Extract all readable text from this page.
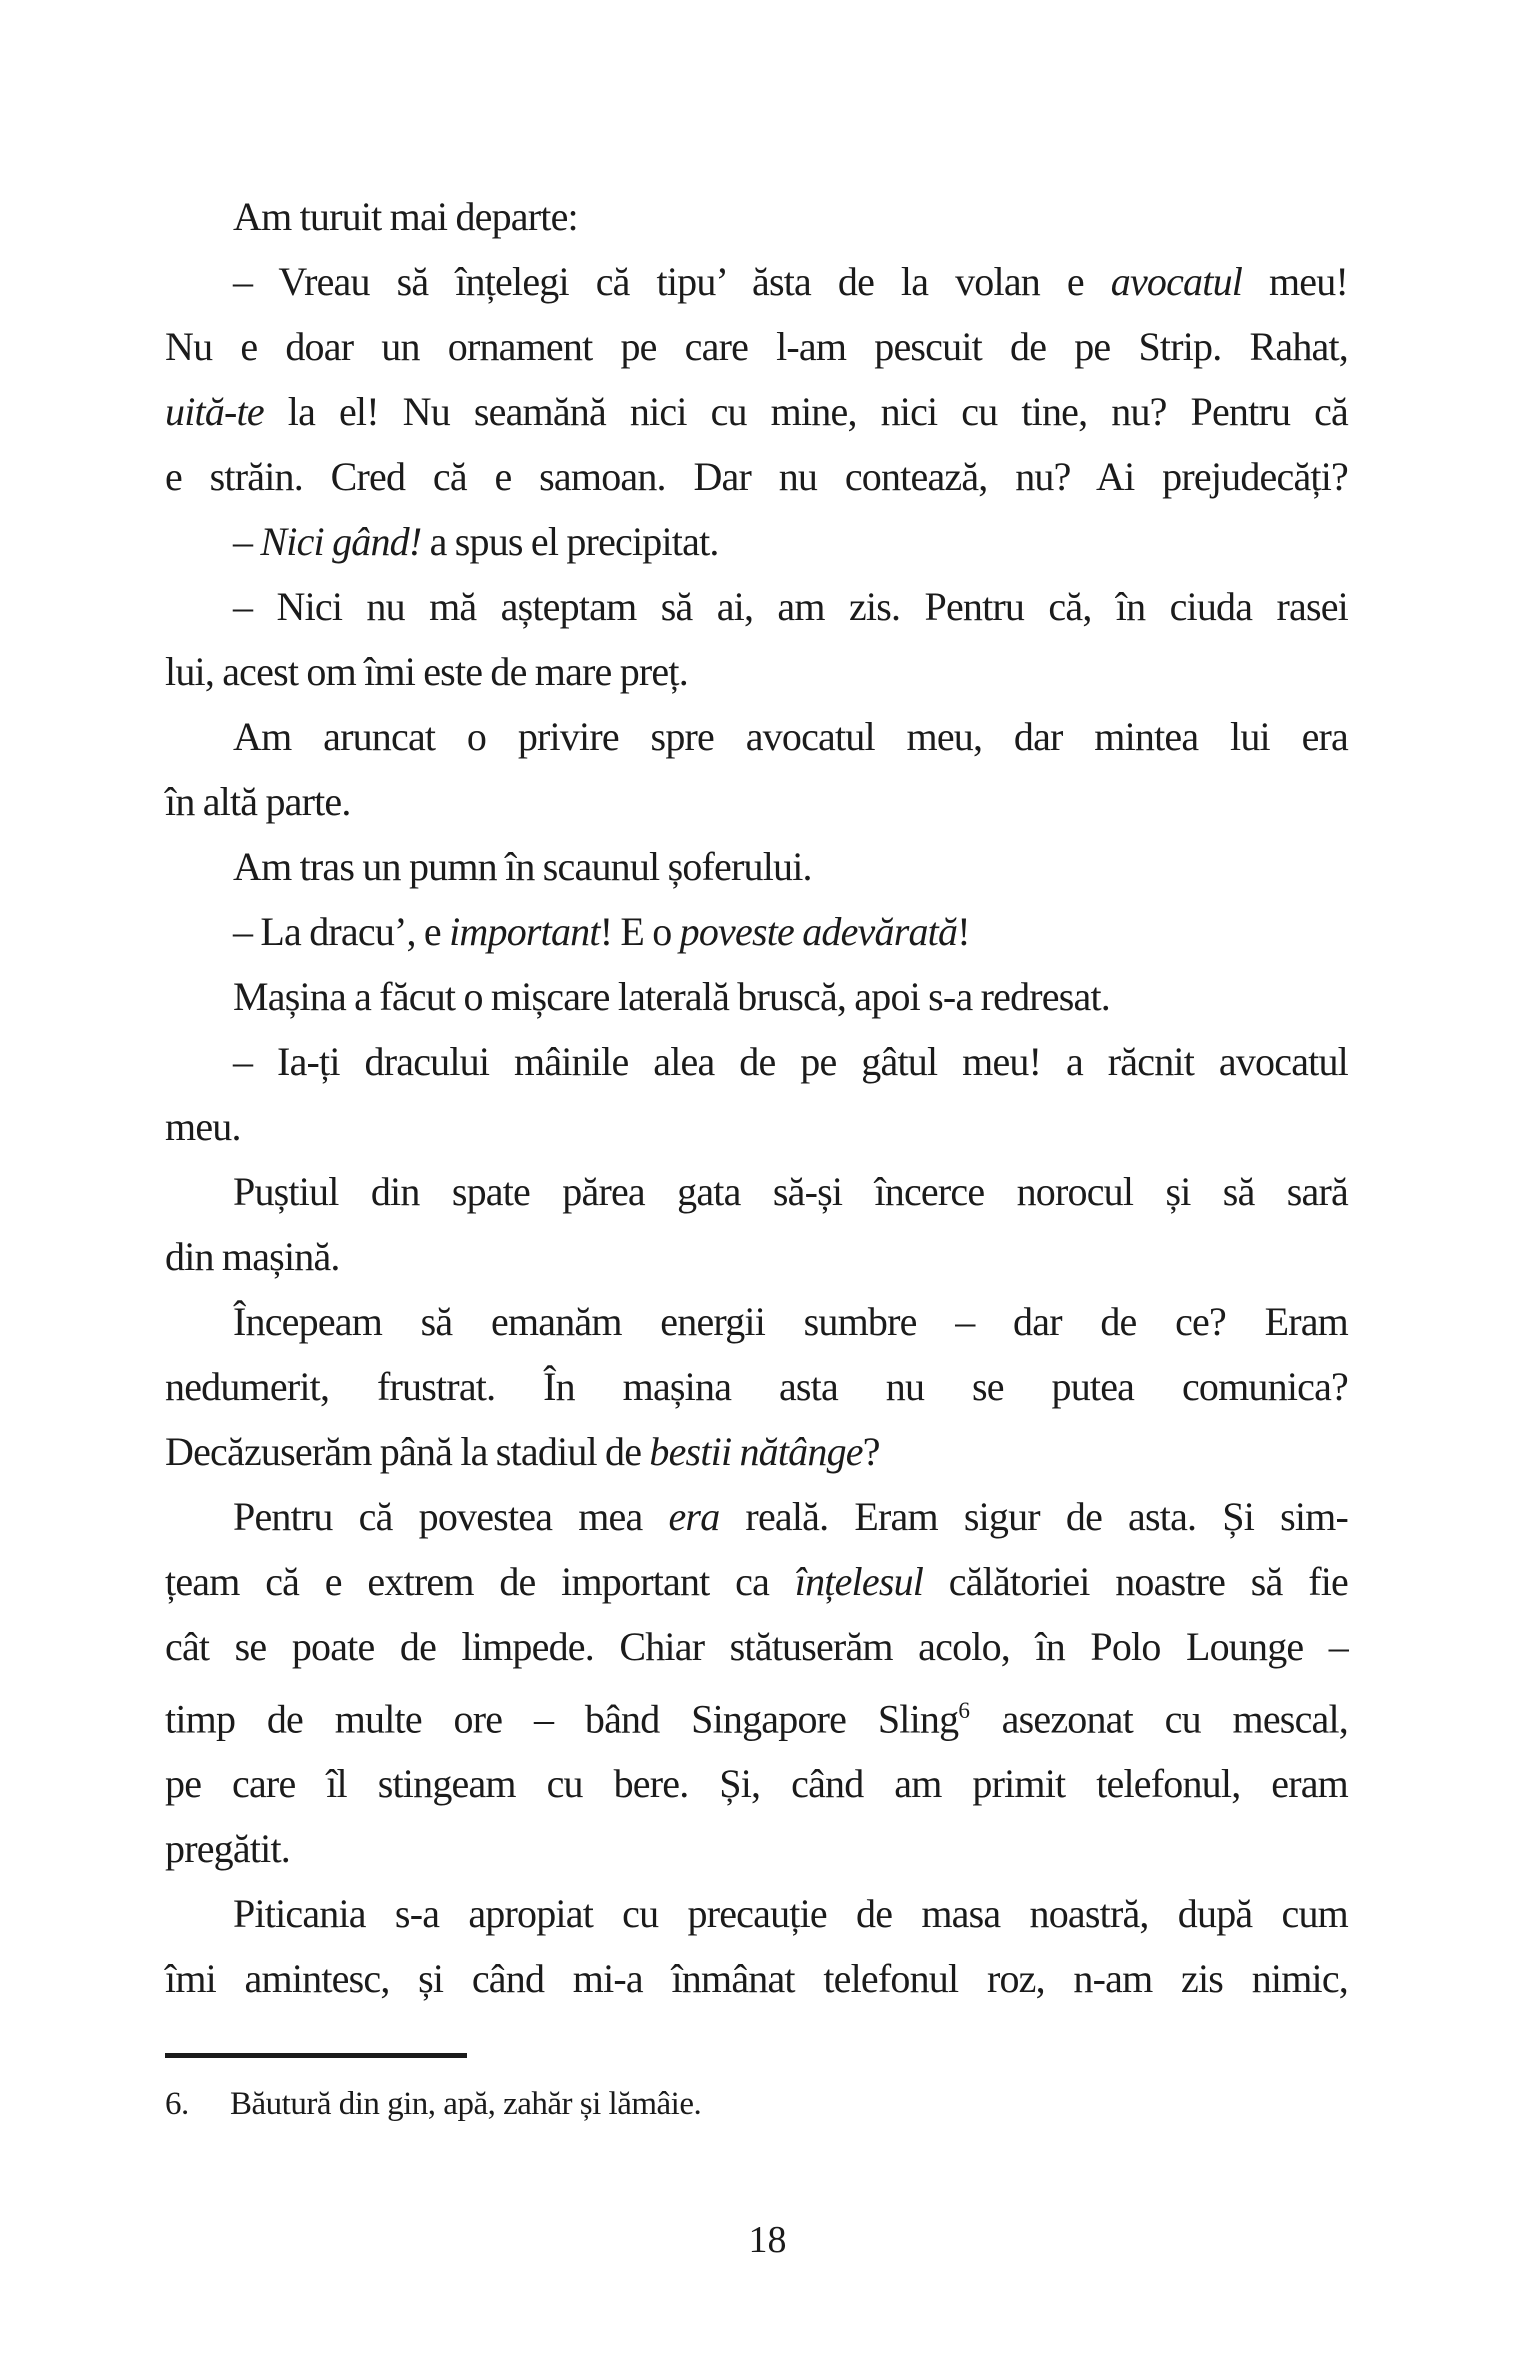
Am turuit mai departe:
– Vreau să înțelegi că tipu’ ăsta de la volan e avocatul meu!
Nu e doar un ornament pe care l-am pescuit de pe Strip. Rahat,
uită-te la el! Nu seamănă nici cu mine, nici cu tine, nu? Pentru că
e străin. Cred că e samoan. Dar nu contează, nu? Ai prejudecăți?
– Nici gând! a spus el precipitat.
– Nici nu mă așteptam să ai, am zis. Pentru că, în ciuda rasei
lui, acest om îmi este de mare preț.
Am aruncat o privire spre avocatul meu, dar mintea lui era
în altă parte.
Am tras un pumn în scaunul șoferului.
– La dracu’, e important! E o poveste adevărată!
Mașina a făcut o mișcare laterală bruscă, apoi s-a redresat.
– Ia-ți dracului mâinile alea de pe gâtul meu! a răcnit avocatul
meu.
Puștiul din spate părea gata să-și încerce norocul și să sară
din mașină.
Începeam să emanăm energii sumbre – dar de ce? Eram
nedumerit, frustrat. În mașina asta nu se putea comunica?
Decăzuserăm până la stadiul de bestii nătânge?
Pentru că povestea mea era reală. Eram sigur de asta. Și sim-
țeam că e extrem de important ca înțelesul călătoriei noastre să fie
cât se poate de limpede. Chiar stătuserăm acolo, în Polo Lounge –
timp de multe ore – bând Singapore Sling$^6$ asezonat cu mescal,
pe care îl stingeam cu bere. Și, când am primit telefonul, eram
pregătit.
Piticania s-a apropiat cu precauție de masa noastră, după cum
îmi amintesc, și când mi-a înmânat telefonul roz, n-am zis nimic,
6. Băutură din gin, apă, zahăr și lămâie.
18
